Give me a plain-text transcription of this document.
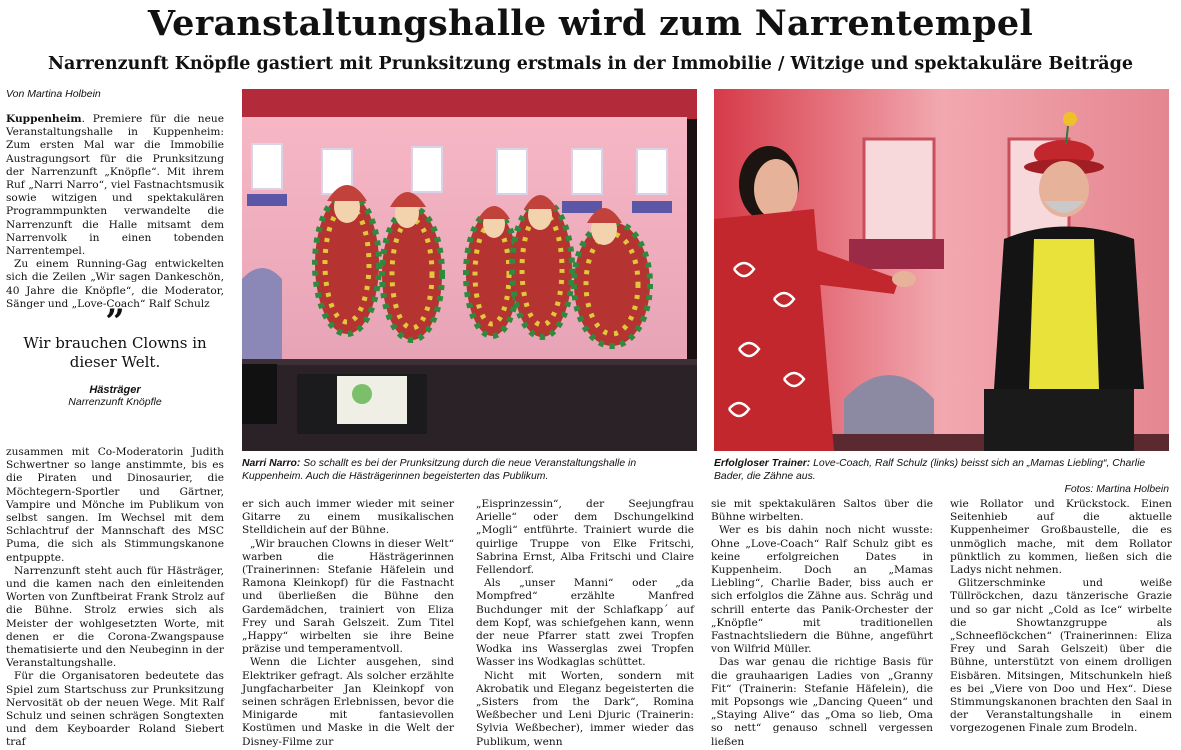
Veranstaltungshalle wird zum Narrentempel
Narrenzunft Knöpfle gastiert mit Prunksitzung erstmals in der Immobilie / Witzige und spektakuläre Beiträge
Von Martina Holbein

Kuppenheim. Premiere für die neue Veranstaltungshalle in Kuppenheim: Zum ersten Mal war die Immobilie Austragungsort für die Prunksitzung der Narrenzunft „Knöpfle“. Mit ihrem Ruf „Narri Narro“, viel Fastnachtsmusik sowie witzigen und spektakulären Programmpunkten verwandelte die Narrenzunft die Halle mitsamt dem Narrenvolk in einen tobenden Narrentempel.

Zu einem Running-Gag entwickelten sich die Zeilen „Wir sagen Dankeschön, 40 Jahre die Knöpfle“, die Moderator, Sänger und „Love-Coach“ Ralf Schulz

”
Wir brauchen Clowns in dieser Welt.
Hästräger
Narrenzunft Knöpfle

zusammen mit Co-Moderatorin Judith Schwertner so lange anstimmte, bis es die Piraten und Dinosaurier, die Möchtegern-Sportler und Gärtner, Vampire und Mönche im Publikum von selbst sangen. Im Wechsel mit dem Schlachtruf der Mannschaft des MSC Puma, die sich als Stimmungskanone entpuppte.

Narrenzunft steht auch für Hästräger, und die kamen nach den einleitenden Worten von Zunftbeirat Frank Strolz auf die Bühne. Strolz erwies sich als Meister der wohlgesetzten Worte, mit denen er die Corona-Zwangspause thematisierte und den Neubeginn in der Veranstaltungshalle.

Für die Organisatoren bedeutete das Spiel zum Startschuss zur Prunksitzung Nervosität ob der neuen Wege. Mit Ralf Schulz und seinen schrägen Songtexten und dem Keyboarder Roland Siebert traf

Narri Narro: So schallt es bei der Prunksitzung durch die neue Veranstaltungshalle in Kuppenheim. Auch die Hästrägerinnen begeisterten das Publikum.
Erfolgloser Trainer: Love-Coach, Ralf Schulz (links) beisst sich an „Mamas Liebling“, Charlie Bader, die Zähne aus.
Fotos: Martina Holbein

er sich auch immer wieder mit seiner Gitarre zu einem musikalischen Stelldichein auf der Bühne.

„Wir brauchen Clowns in dieser Welt“ warben die Hästrägerinnen (Trainerinnen: Stefanie Häfelein und Ramona Kleinkopf) für die Fastnacht und überließen die Bühne den Gardemädchen, trainiert von Eliza Frey und Sarah Gelszeit. Zum Titel „Happy“ wirbelten sie ihre Beine präzise und temperamentvoll.

Wenn die Lichter ausgehen, sind Elektriker gefragt. Als solcher erzählte Jungfacharbeiter Jan Kleinkopf von seinen schrägen Erlebnissen, bevor die Minigarde mit fantasievollen Kostümen und Maske in die Welt der Disney-Filme zur

„Eisprinzessin“, der Seejungfrau Arielle“ oder dem Dschungelkind „Mogli“ entführte. Trainiert wurde die quirlige Truppe von Elke Fritschi, Sabrina Ernst, Alba Fritschi und Claire Fellendorf.

Als „unser Manni“ oder „da Mompfred“ erzählte Manfred Buchdunger mit der Schlafkapp´ auf dem Kopf, was schiefgehen kann, wenn der neue Pfarrer statt zwei Tropfen Wodka ins Wasserglas zwei Tropfen Wasser ins Wodkaglas schüttet.

Nicht mit Worten, sondern mit Akrobatik und Eleganz begeisterten die „Sisters from the Dark“, Romina Weßbecher und Leni Djuric (Trainerin: Sylvia Weßbecher), immer wieder das Publikum, wenn

sie mit spektakulären Saltos über die Bühne wirbelten.

Wer es bis dahin noch nicht wusste: Ohne „Love-Coach“ Ralf Schulz gibt es keine erfolgreichen Dates in Kuppenheim. Doch an „Mamas Liebling“, Charlie Bader, biss auch er sich erfolglos die Zähne aus. Schräg und schrill enterte das Panik-Orchester der „Knöpfle“ mit traditionellen Fastnachtsliedern die Bühne, angeführt von Wilfrid Müller.

Das war genau die richtige Basis für die grauhaarigen Ladies von „Granny Fit“ (Trainerin: Stefanie Häfelein), die mit Popsongs wie „Dancing Queen“ und „Staying Alive“ das „Oma so lieb, Oma so nett“ genauso schnell vergessen ließen

wie Rollator und Krückstock. Einen Seitenhieb auf die aktuelle Kuppenheimer Großbaustelle, die es unmöglich mache, mit dem Rollator pünktlich zu kommen, ließen sich die Ladys nicht nehmen.

Glitzerschminke und weiße Tüllröckchen, dazu tänzerische Grazie und so gar nicht „Cold as Ice“ wirbelte die Showtanzgruppe als „Schneeflöckchen“ (Trainerinnen: Eliza Frey und Sarah Gelszeit) über die Bühne, unterstützt von einem drolligen Eisbären. Mitsingen, Mitschunkeln hieß es bei „Viere von Doo und Hex“. Diese Stimmungskanonen brachten den Saal in der Veranstaltungshalle in einem vorgezogenen Finale zum Brodeln.
